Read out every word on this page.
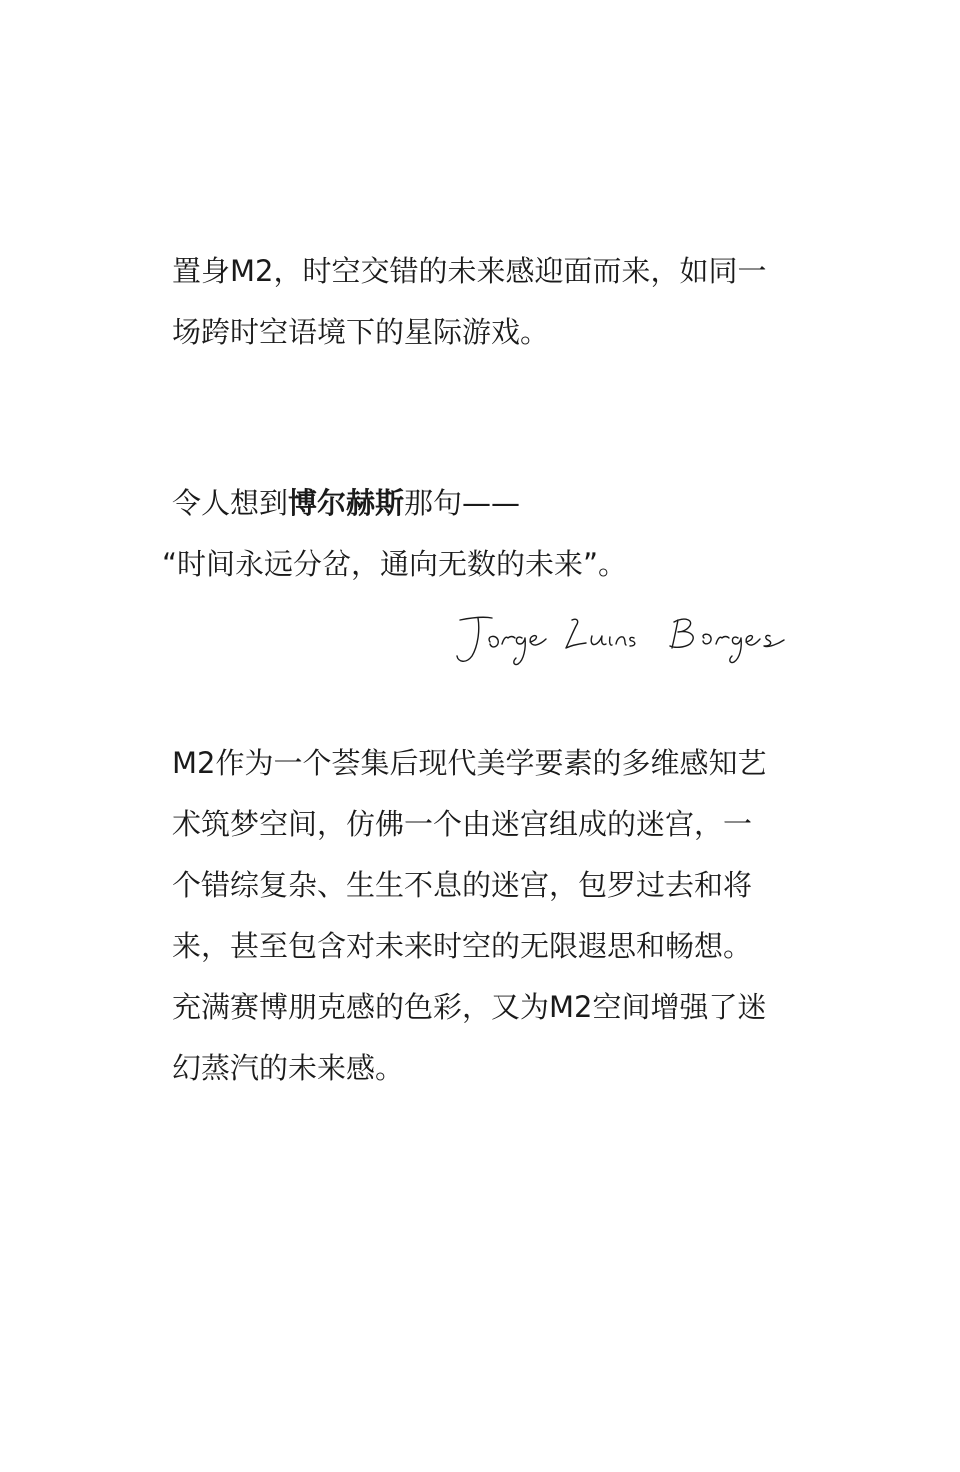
置身M2，时空交错的未来感迎面而来，如同一
场跨时空语境下的星际游戏。
令人想到博尔赫斯那句——
“时间永远分岔，通向无数的未来”。
M2作为一个荟集后现代美学要素的多维感知艺
术筑梦空间，仿佛一个由迷宫组成的迷宫，一
个错综复杂、生生不息的迷宫，包罗过去和将
来，甚至包含对未来时空的无限遐思和畅想。
充满赛博朋克感的色彩，又为M2空间增强了迷
幻蒸汽的未来感。
